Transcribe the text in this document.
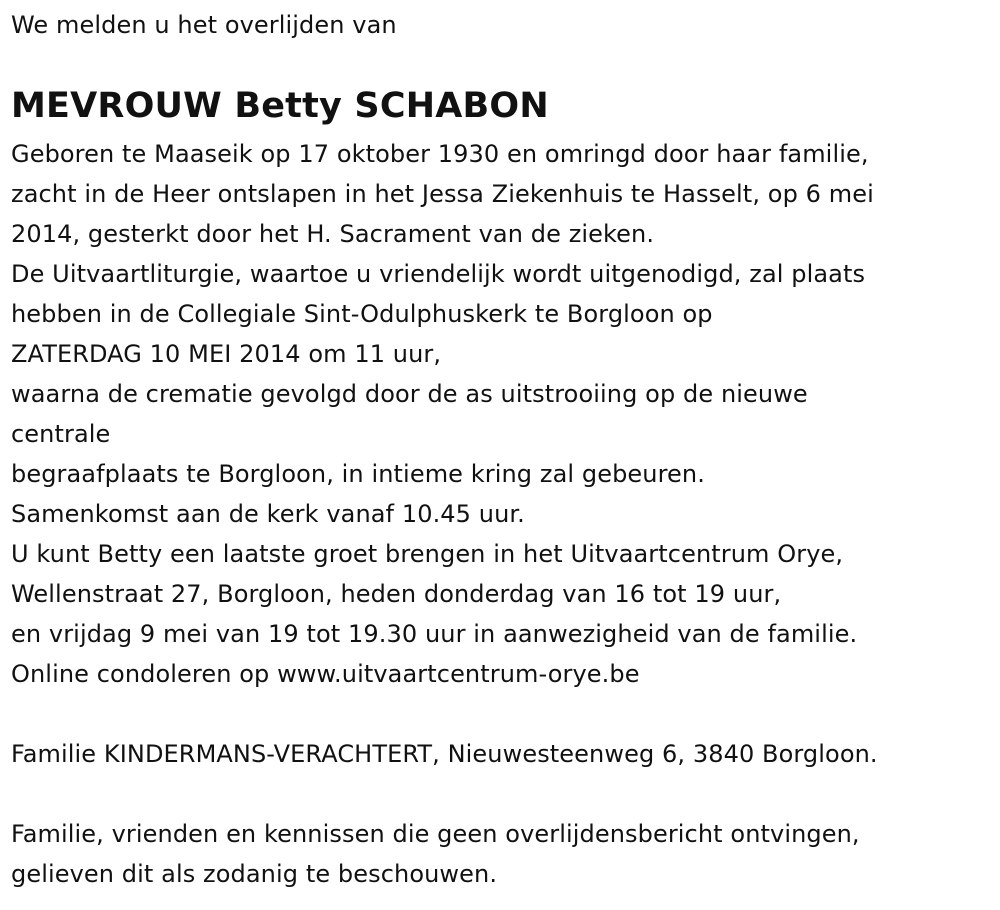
We melden u het overlijden van
MEVROUW Betty SCHABON
Geboren te Maaseik op 17 oktober 1930 en omringd door haar familie,
zacht in de Heer ontslapen in het Jessa Ziekenhuis te Hasselt, op 6 mei
2014, gesterkt door het H. Sacrament van de zieken.
De Uitvaartliturgie, waartoe u vriendelijk wordt uitgenodigd, zal plaats
hebben in de Collegiale Sint-Odulphuskerk te Borgloon op
ZATERDAG 10 MEI 2014 om 11 uur,
waarna de crematie gevolgd door de as uitstrooiing op de nieuwe
centrale
begraafplaats te Borgloon, in intieme kring zal gebeuren.
Samenkomst aan de kerk vanaf 10.45 uur.
U kunt Betty een laatste groet brengen in het Uitvaartcentrum Orye,
Wellenstraat 27, Borgloon, heden donderdag van 16 tot 19 uur,
en vrijdag 9 mei van 19 tot 19.30 uur in aanwezigheid van de familie.
Online condoleren op www.uitvaartcentrum-orye.be
Familie KINDERMANS-VERACHTERT, Nieuwesteenweg 6, 3840 Borgloon.
Familie, vrienden en kennissen die geen overlijdensbericht ontvingen,
gelieven dit als zodanig te beschouwen.
